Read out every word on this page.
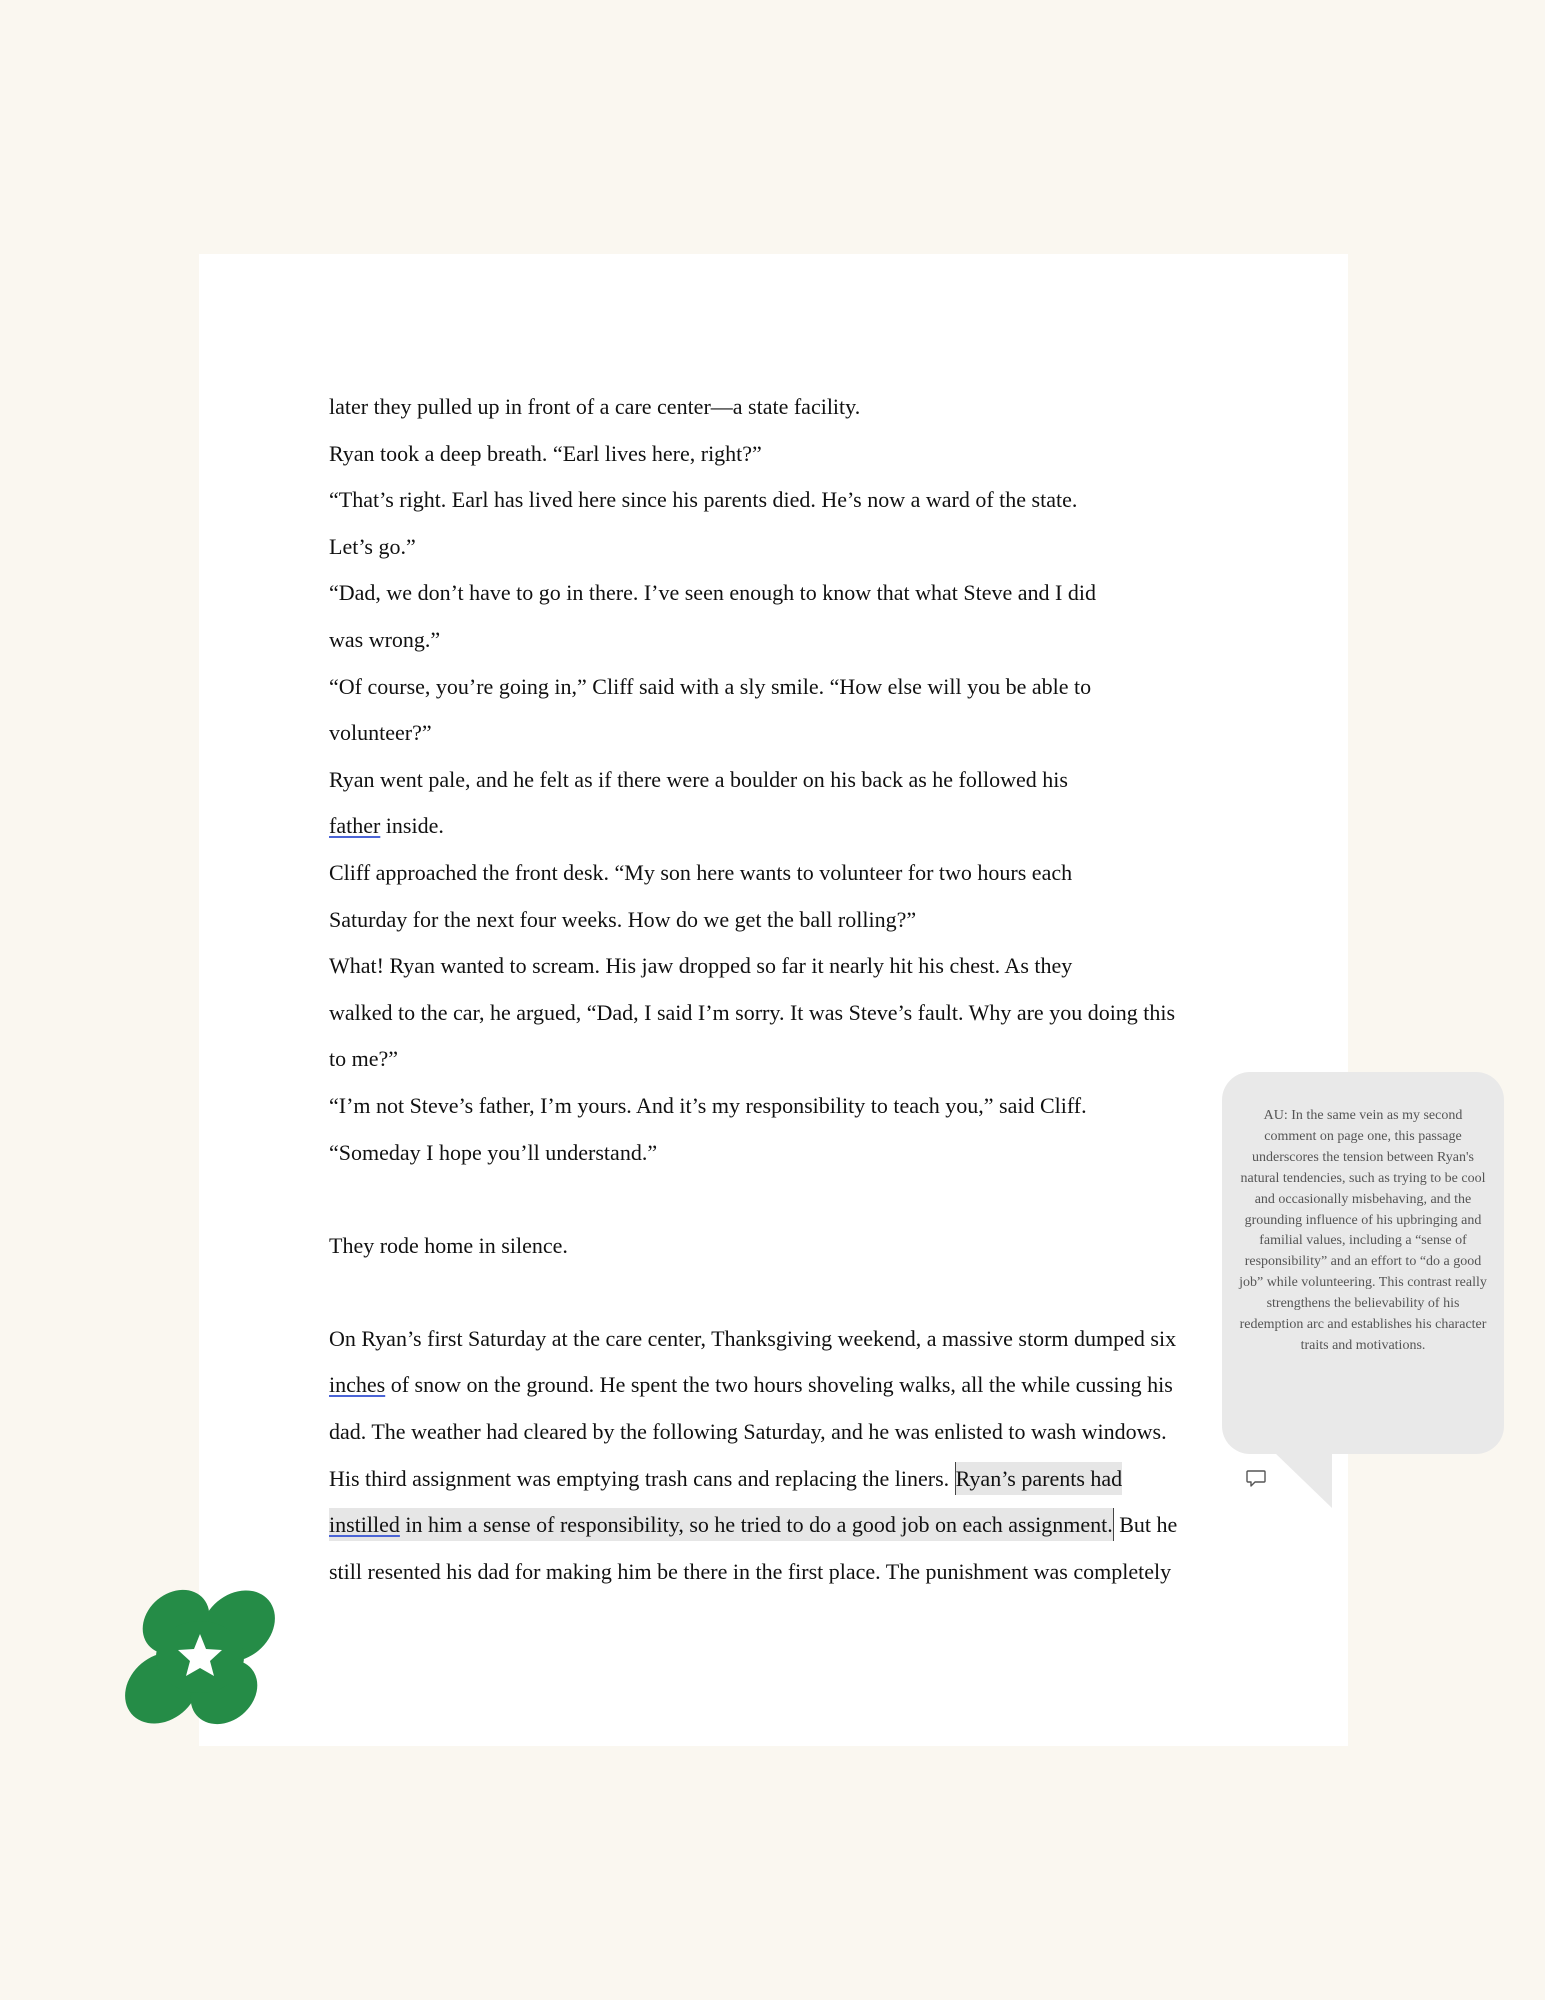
later they pulled up in front of a care center—a state facility.
Ryan took a deep breath. “Earl lives here, right?”
“That’s right. Earl has lived here since his parents died. He’s now a ward of the state.
Let’s go.”
“Dad, we don’t have to go in there. I’ve seen enough to know that what Steve and I did
was wrong.”
“Of course, you’re going in,” Cliff said with a sly smile. “How else will you be able to
volunteer?”
Ryan went pale, and he felt as if there were a boulder on his back as he followed his
father inside.
Cliff approached the front desk. “My son here wants to volunteer for two hours each
Saturday for the next four weeks. How do we get the ball rolling?”
What! Ryan wanted to scream. His jaw dropped so far it nearly hit his chest. As they
walked to the car, he argued, “Dad, I said I’m sorry. It was Steve’s fault. Why are you doing this
to me?”
“I’m not Steve’s father, I’m yours. And it’s my responsibility to teach you,” said Cliff.
“Someday I hope you’ll understand.”
They rode home in silence.
On Ryan’s first Saturday at the care center, Thanksgiving weekend, a massive storm dumped six
inches of snow on the ground. He spent the two hours shoveling walks, all the while cussing his
dad. The weather had cleared by the following Saturday, and he was enlisted to wash windows.
His third assignment was emptying trash cans and replacing the liners. Ryan’s parents had
instilled in him a sense of responsibility, so he tried to do a good job on each assignment. But he
still resented his dad for making him be there in the first place. The punishment was completely
AU: In the same vein as my second comment on page one, this passage underscores the tension between Ryan's natural tendencies, such as trying to be cool and occasionally misbehaving, and the grounding influence of his upbringing and familial values, including a “sense of responsibility” and an effort to “do a good job” while volunteering. This contrast really strengthens the believability of his redemption arc and establishes his character traits and motivations.
